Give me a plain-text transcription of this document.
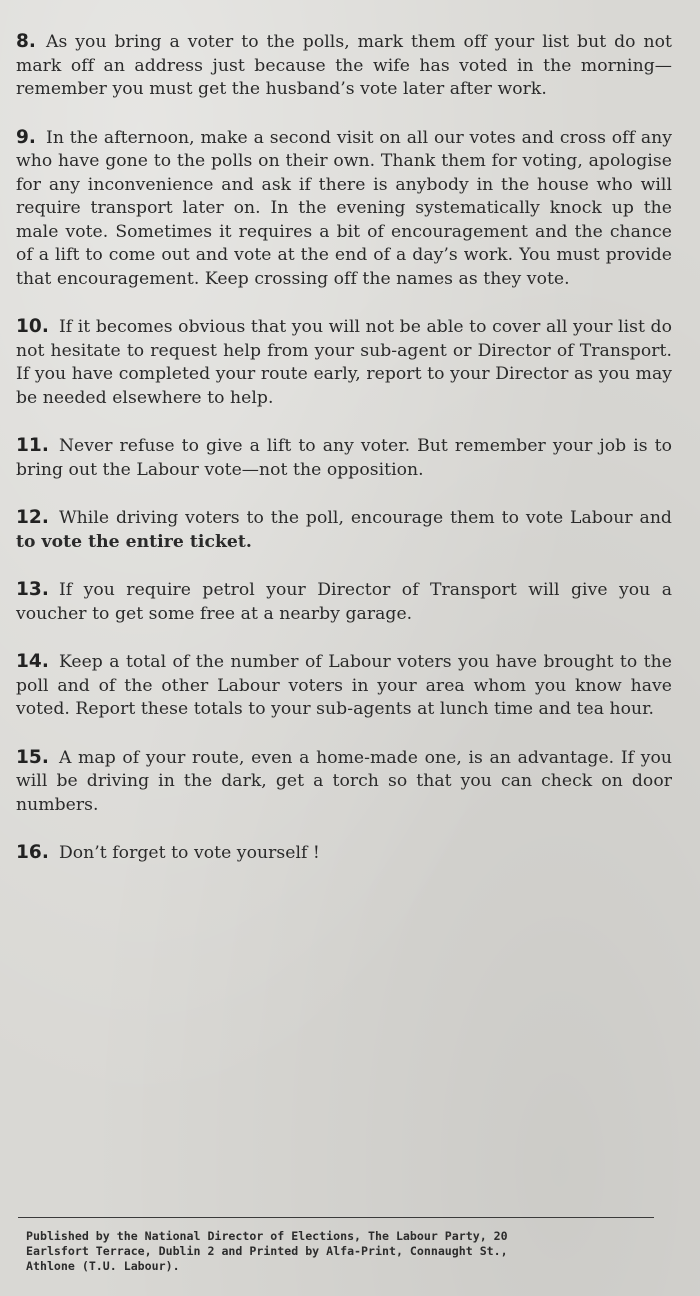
8. As you bring a voter to the polls, mark them off your list but do not mark off an address just because the wife has voted in the morning—remember you must get the husband’s vote later after work.

9. In the afternoon, make a second visit on all our votes and cross off any who have gone to the polls on their own. Thank them for voting, apologise for any inconvenience and ask if there is anybody in the house who will require transport later on. In the evening systematically knock up the male vote. Sometimes it requires a bit of encouragement and the chance of a lift to come out and vote at the end of a day’s work. You must provide that encouragement. Keep crossing off the names as they vote.

10. If it becomes obvious that you will not be able to cover all your list do not hesitate to request help from your sub-agent or Director of Transport. If you have completed your route early, report to your Director as you may be needed elsewhere to help.

11. Never refuse to give a lift to any voter. But remember your job is to bring out the Labour vote—not the opposition.

12. While driving voters to the poll, encourage them to vote Labour and to vote the entire ticket.

13. If you require petrol your Director of Transport will give you a voucher to get some free at a nearby garage.

14. Keep a total of the number of Labour voters you have brought to the poll and of the other Labour voters in your area whom you know have voted. Report these totals to your sub-agents at lunch time and tea hour.

15. A map of your route, even a home-made one, is an advantage. If you will be driving in the dark, get a torch so that you can check on door numbers.

16. Don’t forget to vote yourself !

Published by the National Director of Elections, The Labour Party, 20
Earlsfort Terrace, Dublin 2 and Printed by Alfa-Print, Connaught St.,
Athlone (T.U. Labour).
